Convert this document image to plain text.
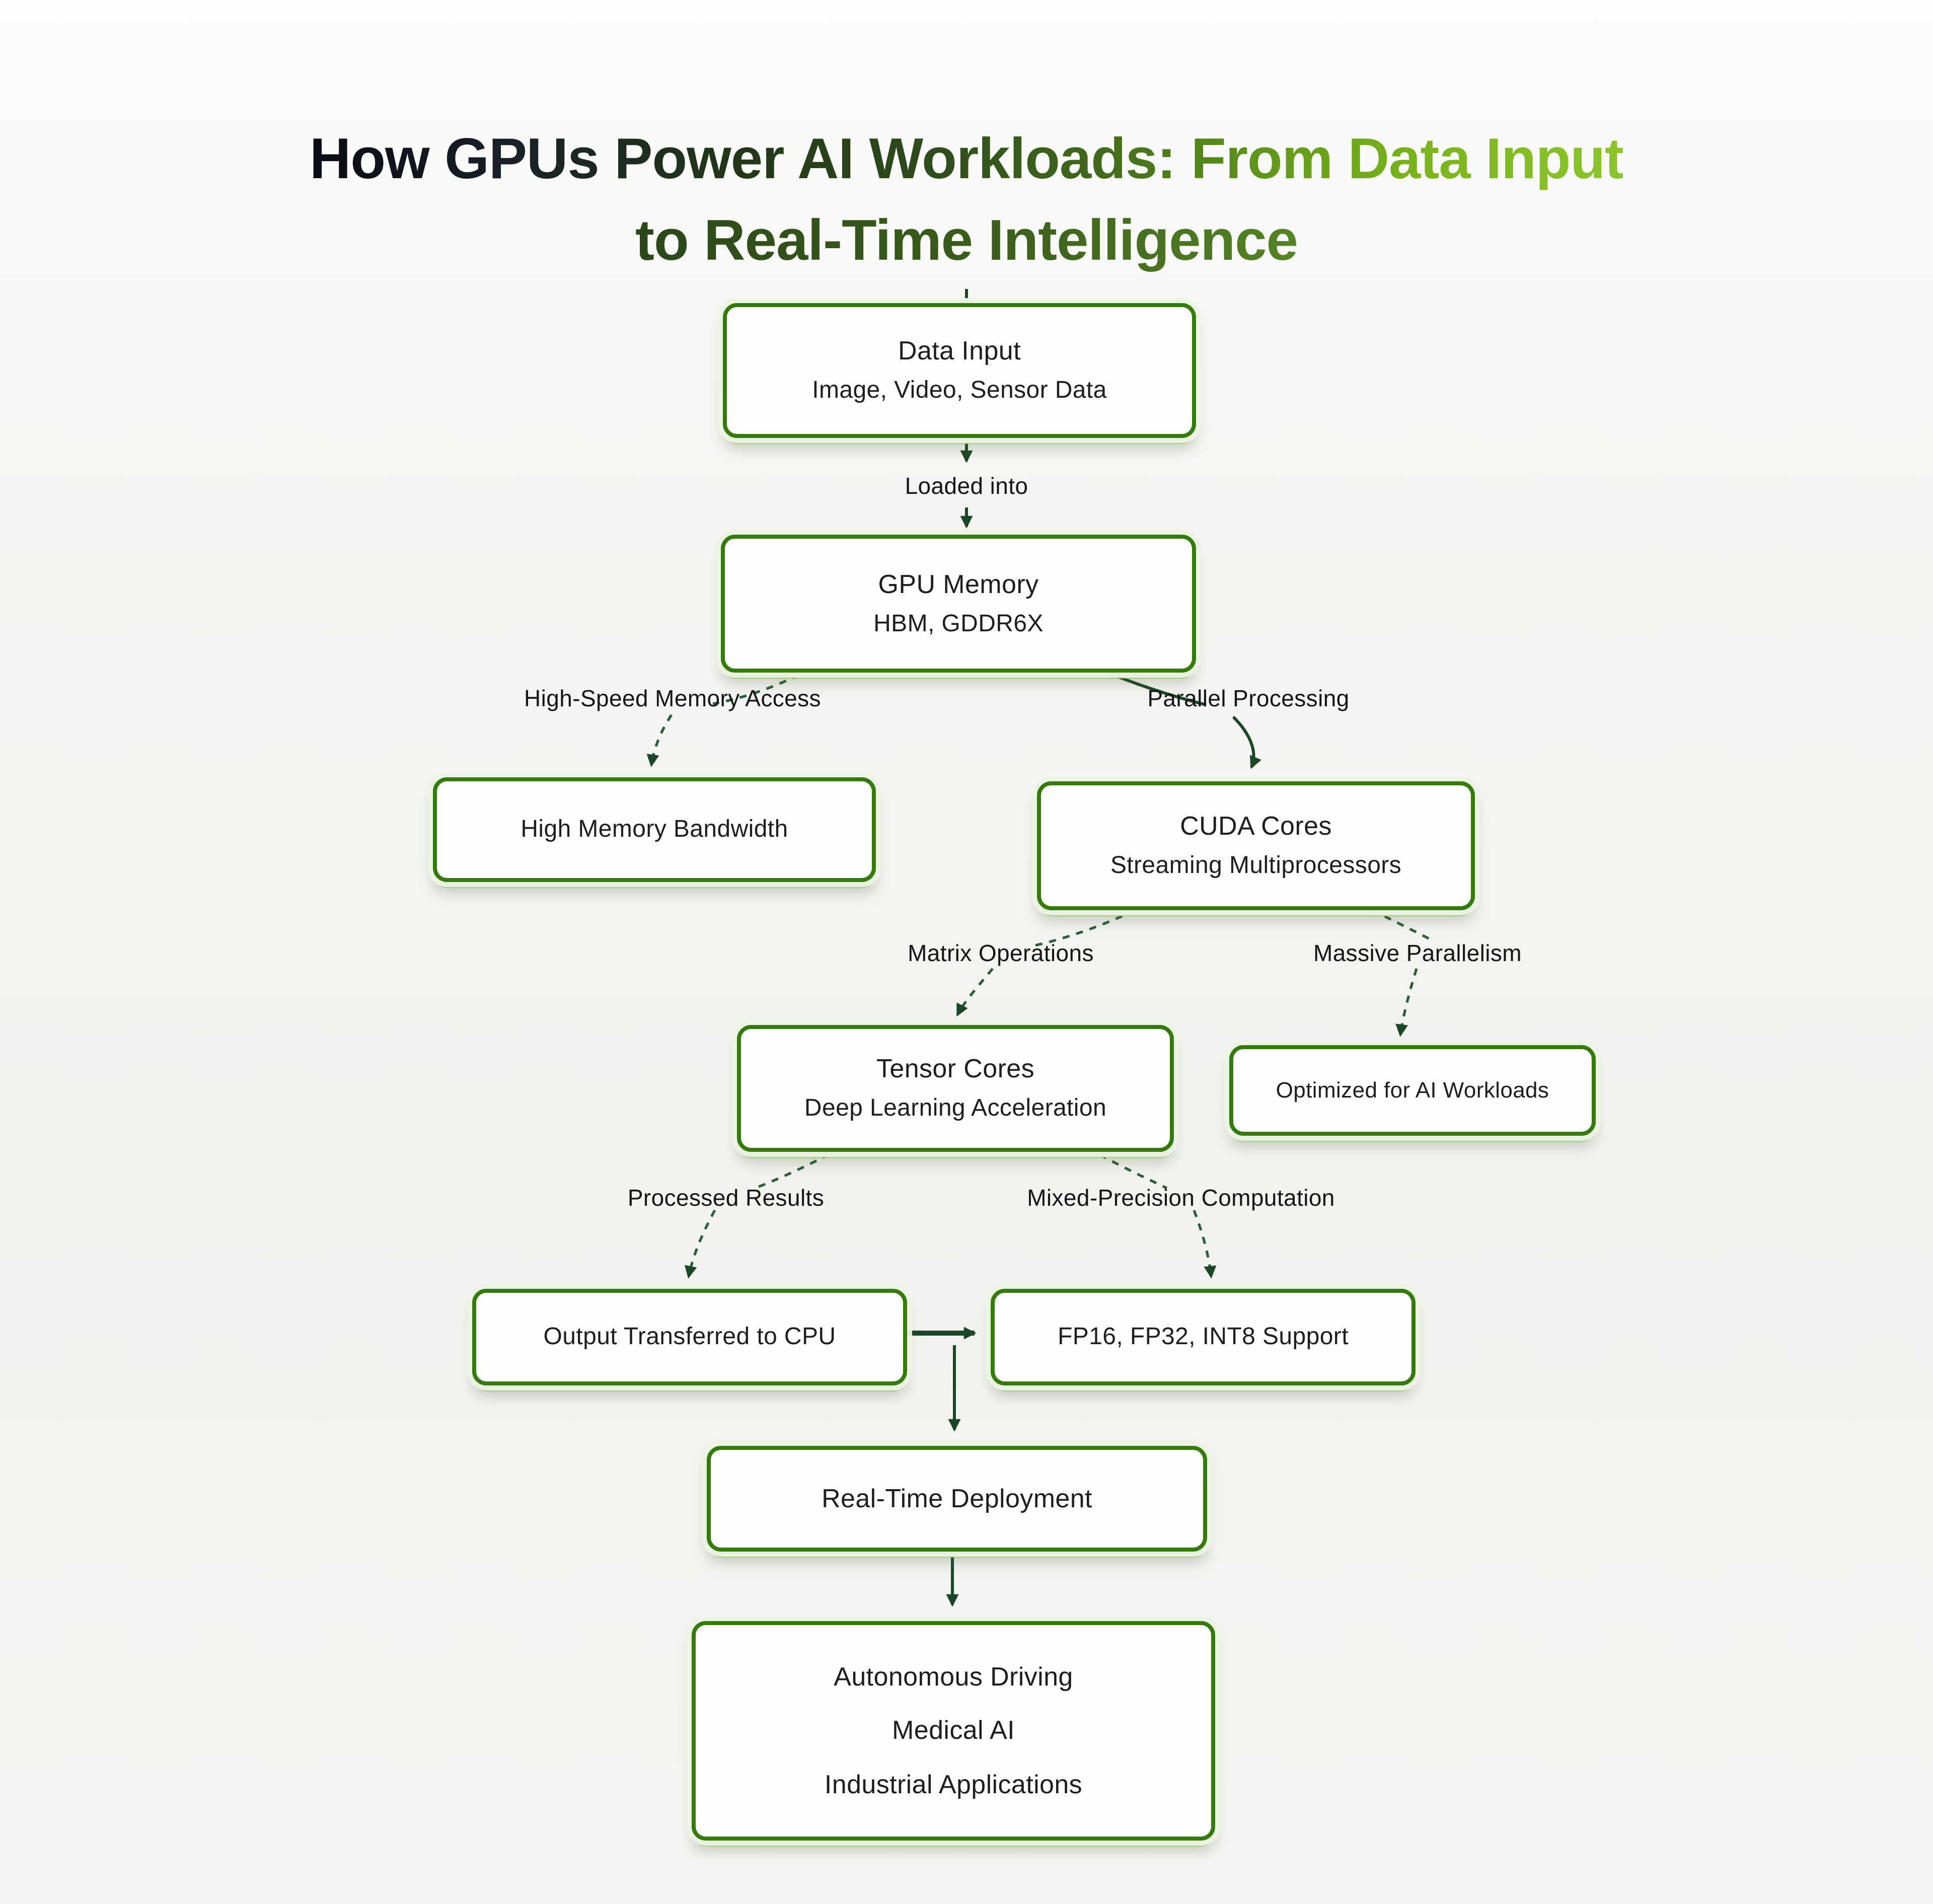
How GPUs Power AI Workloads: From Data Input
to Real-Time Intelligence
Data Input
Image, Video, Sensor Data
GPU Memory
HBM, GDDR6X
High Memory Bandwidth	CUDA Cores
Streaming Multiprocessors
Tensor Cores
Deep Learning Acceleration
Optimized for AI Workloads
Output Transferred to CPU	FP16, FP32, INT8 Support
Real-Time Deployment
Autonomous Driving
Medical AI
Industrial Applications
Loaded into
High-Speed Memory Access	Parallel Processing
Matrix Operations	Massive Parallelism
Processed Results	Mixed-Precision Computation
